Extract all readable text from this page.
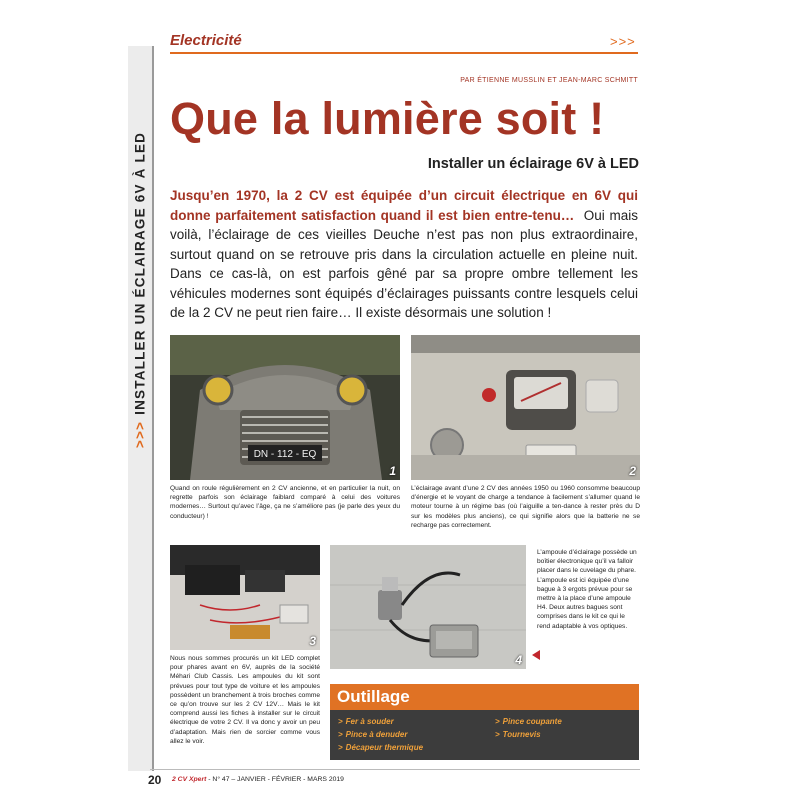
Electricité	>>>
>>>INSTALLER UN ÉCLAIRAGE 6V À LED
PAR ÉTIENNE MUSSLIN ET JEAN-MARC SCHMITT
Que la lumière soit !
Installer un éclairage 6V à LED
Jusqu’en 1970, la 2 CV est équipée d’un circuit électrique en 6V qui donne parfaitement satisfaction quand il est bien entre-tenu… Oui mais voilà, l’éclairage de ces vieilles Deuche n’est pas non plus extraordinaire, surtout quand on se retrouve pris dans la circulation actuelle en pleine nuit. Dans ce cas-là, on est parfois gêné par sa propre ombre tellement les véhicules modernes sont équipés d’éclairages puissants contre lesquels celui de la 2 CV ne peut rien faire… Il existe désormais une solution !
DN - 112 - EQ
1
Quand on roule régulièrement en 2 CV ancienne, et en particulier la nuit, on regrette parfois son éclairage faiblard comparé à celui des voitures modernes… Surtout qu’avec l’âge, ça ne s’améliore pas (je parle des yeux du conducteur) !
2
L’éclairage avant d’une 2 CV des années 1950 ou 1960 consomme beaucoup d’énergie et le voyant de charge a tendance à facilement s’allumer quand le moteur tourne à un régime bas (où l’aiguille a ten-dance à rester près du D sur les modèles plus anciens), ce qui signifie alors que la batterie ne se recharge pas correctement.
3
Nous nous sommes procurés un kit LED complet pour phares avant en 6V, auprès de la société Méhari Club Cassis. Les ampoules du kit sont prévues pour tout type de voiture et les ampoules possèdent un branchement à trois broches comme ce qu’on trouve sur les 2 CV 12V… Mais le kit comprend aussi les fiches à installer sur le circuit électrique de votre 2 CV. Il va donc y avoir un peu d’adaptation. Mais rien de sorcier comme vous allez le voir.
4
L’ampoule d’éclairage possède un boîtier électronique qu’il va falloir placer dans le cuvelage du phare. L’ampoule est ici équipée d’une bague à 3 ergots prévue pour se mettre à la place d’une ampoule H4. Deux autres bagues sont comprises dans le kit ce qui le rend adaptable à vos optiques.
Outillage
> Fer à souder
> Pince à denuder
> Décapeur thermique
> Pince coupante
> Tournevis
20 2 CV Xpert - N° 47 – JANVIER - FÉVRIER - MARS 2019
